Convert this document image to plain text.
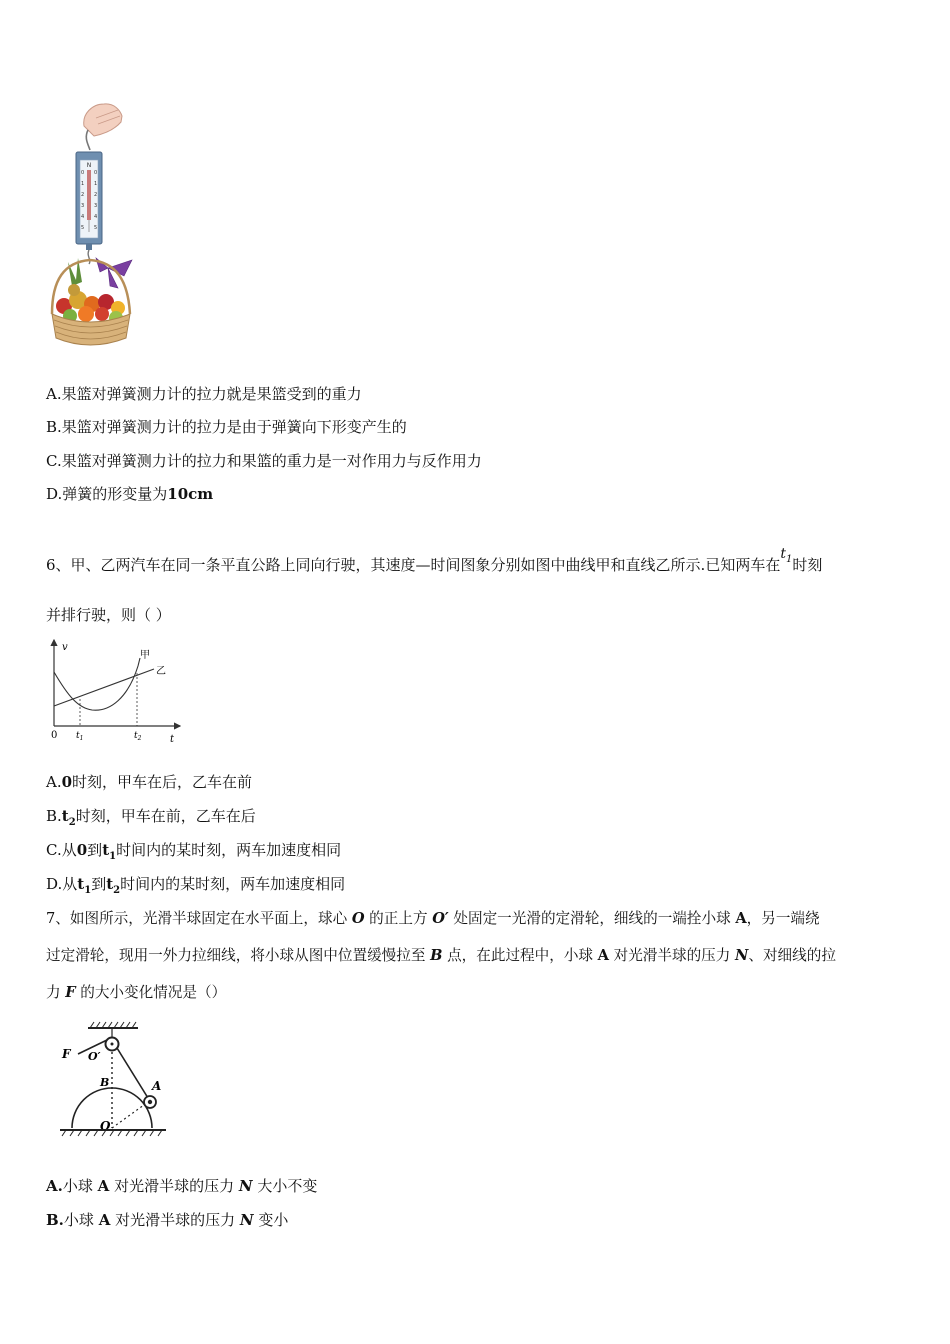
N
0
1
2
3
4
5
0
1
2
3
4
5
A.果篮对弹簧测力计的拉力就是果篮受到的重力
B.果篮对弹簧测力计的拉力是由于弹簧向下形变产生的
C.果篮对弹簧测力计的拉力和果篮的重力是一对作用力与反作用力
D.弹簧的形变量为10cm
6、甲、乙两汽车在同一条平直公路上同向行驶，其速度—时间图象分别如图中曲线甲和直线乙所示.已知两车在$t_1$时刻
并排行驶，则（ ）
v
t
0 $t_1$	$t_2$
甲
乙
A.0时刻，甲车在后，乙车在前
$B.t_2$时刻，甲车在前，乙车在后
C.从0到$t_1$时间内的某时刻，两车加速度相同
D.从$t_1$到$t_2$时间内的某时刻，两车加速度相同
7、如图所示，光滑半球固定在水平面上，球心 O 的正上方 O′ 处固定一光滑的定滑轮，细线的一端拴小球 A，另一端绕
过定滑轮，现用一外力拉细线，将小球从图中位置缓慢拉至 B 点，在此过程中，小球 A 对光滑半球的压力 N、对细线的拉
力 F 的大小变化情况是（）
F O′
A
B
O
A.小球 A 对光滑半球的压力 N 大小不变
B.小球 A 对光滑半球的压力 N 变小
